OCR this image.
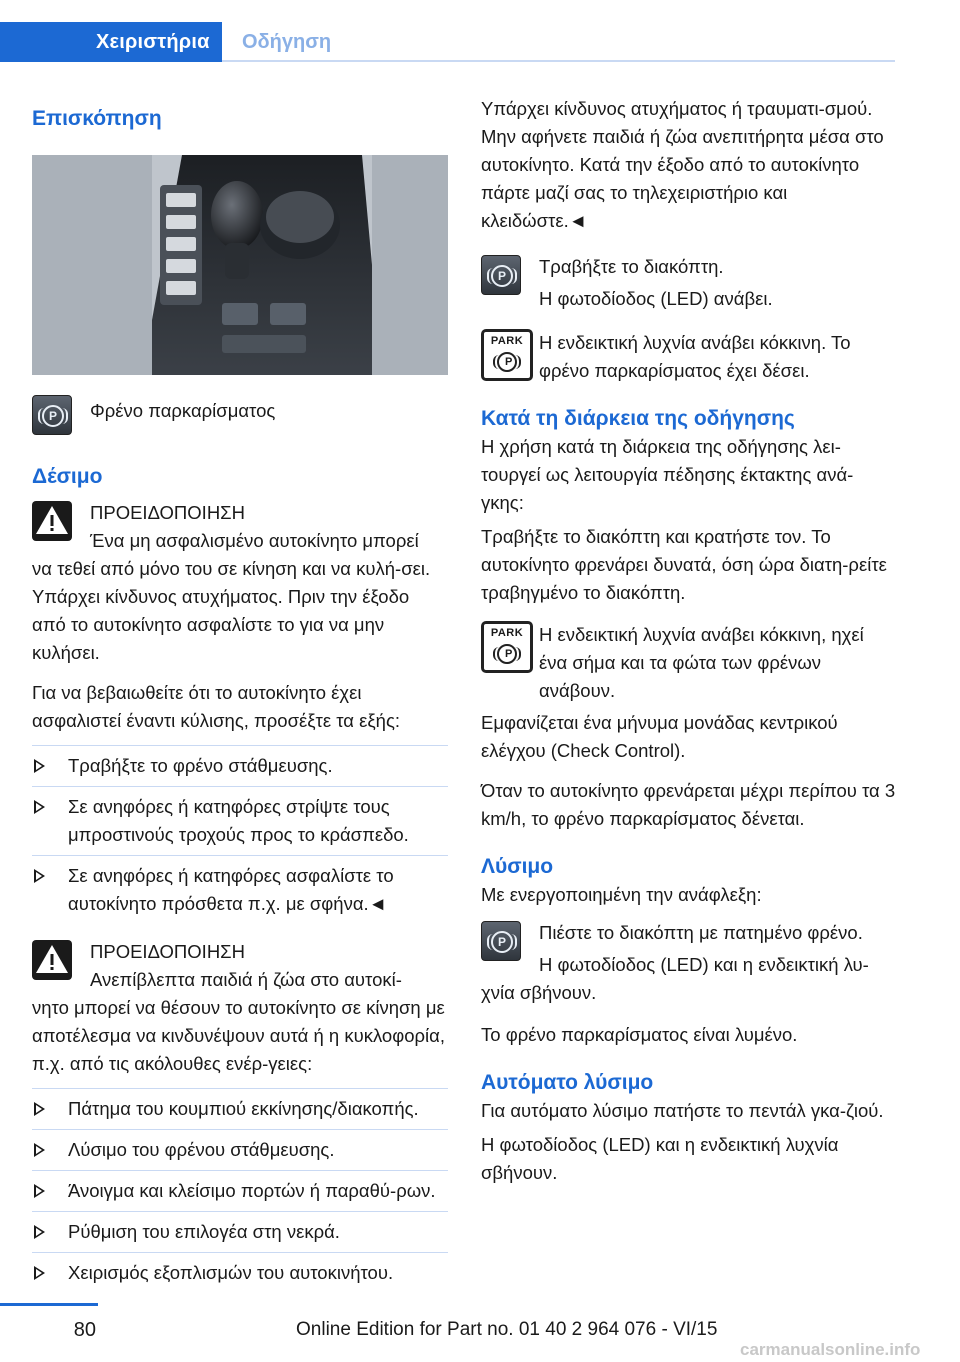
Χειριστήρια	Οδήγηση
Επισκόπηση
P	Φρένο παρκαρίσματος
Δέσιμο
ΠΡΟΕΙΔΟΠΟΙΗΣΗ
Ένα μη ασφαλισμένο αυτοκίνητο μπορεί
να τεθεί από μόνο του σε κίνηση και να κυλή-σει. Υπάρχει κίνδυνος ατυχήματος. Πριν την έξοδο από το αυτοκίνητο ασφαλίστε το για να μην κυλήσει.
Για να βεβαιωθείτε ότι το αυτοκίνητο έχει ασφαλιστεί έναντι κύλισης, προσέξτε τα εξής:
Τραβήξτε το φρένο στάθμευσης.
Σε ανηφόρες ή κατηφόρες στρίψτε τους μπροστινούς τροχούς προς το κράσπεδο.
Σε ανηφόρες ή κατηφόρες ασφαλίστε το αυτοκίνητο πρόσθετα π.χ. με σφήνα.◄
ΠΡΟΕΙΔΟΠΟΙΗΣΗ
Ανεπίβλεπτα παιδιά ή ζώα στο αυτοκί-
νητο μπορεί να θέσουν το αυτοκίνητο σε κίνηση με αποτέλεσμα να κινδυνέψουν αυτά ή η κυκλοφορία, π.χ. από τις ακόλουθες ενέρ-γειες:
Πάτημα του κουμπιού εκκίνησης/διακοπής.
Λύσιμο του φρένου στάθμευσης.
Άνοιγμα και κλείσιμο πορτών ή παραθύ-ρων.
Ρύθμιση του επιλογέα στη νεκρά.
Χειρισμός εξοπλισμών του αυτοκινήτου.
Υπάρχει κίνδυνος ατυχήματος ή τραυματι-σμού. Μην αφήνετε παιδιά ή ζώα ανεπιτήρητα μέσα στο αυτοκίνητο. Κατά την έξοδο από το αυτοκίνητο πάρτε μαζί σας το τηλεχειριστήριο και κλειδώστε.◄
P	Τραβήξτε το διακόπτη.
Η φωτοδίοδος (LED) ανάβει.
PARK
P
Η ενδεικτική λυχνία ανάβει κόκκινη. Το φρένο παρκαρίσματος έχει δέσει.
Κατά τη διάρκεια της οδήγησης
Η χρήση κατά τη διάρκεια της οδήγησης λει-τουργεί ως λειτουργία πέδησης έκτακτης ανά-γκης:
Τραβήξτε το διακόπτη και κρατήστε τον. Το αυτοκίνητο φρενάρει δυνατά, όση ώρα διατη-ρείτε τραβηγμένο το διακόπτη.
PARK
P
Η ενδεικτική λυχνία ανάβει κόκκινη, ηχεί ένα σήμα και τα φώτα των φρένων ανάβουν.
Εμφανίζεται ένα μήνυμα μονάδας κεντρικού ελέγχου (Check Control).
Όταν το αυτοκίνητο φρενάρεται μέχρι περίπου τα 3 km/h, το φρένο παρκαρίσματος δένεται.
Λύσιμο
Με ενεργοποιημένη την ανάφλεξη:
P	Πιέστε το διακόπτη με πατημένο φρένο.
Η φωτοδίοδος (LED) και η ενδεικτική λυ-
χνία σβήνουν.
Το φρένο παρκαρίσματος είναι λυμένο.
Αυτόματο λύσιμο
Για αυτόματο λύσιμο πατήστε το πεντάλ γκα-ζιού.
Η φωτοδίοδος (LED) και η ενδεικτική λυχνία σβήνουν.
80	Online Edition for Part no. 01 40 2 964 076 - VI/15
carmanualsonline.info
